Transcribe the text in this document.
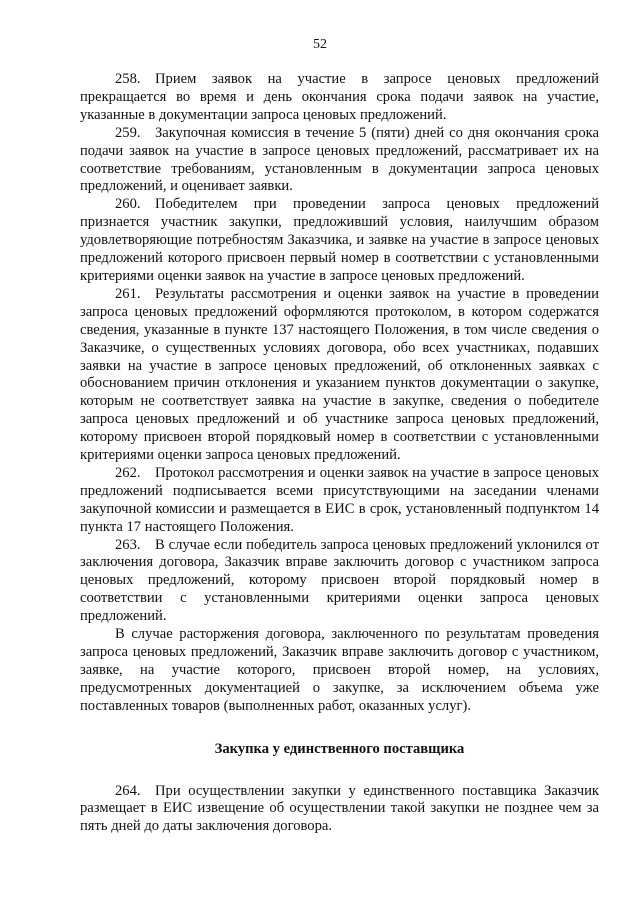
52

258. Прием заявок на участие в запросе ценовых предложений прекращается во время и день окончания срока подачи заявок на участие, указанные в документации запроса ценовых предложений.

259. Закупочная комиссия в течение 5 (пяти) дней со дня окончания срока подачи заявок на участие в запросе ценовых предложений, рассматривает их на соответствие требованиям, установленным в документации запроса ценовых предложений, и оценивает заявки.

260. Победителем при проведении запроса ценовых предложений признается участник закупки, предложивший условия, наилучшим образом удовлетворяющие потребностям Заказчика, и заявке на участие в запросе ценовых предложений которого присвоен первый номер в соответствии с установленными критериями оценки заявок на участие в запросе ценовых предложений.

261. Результаты рассмотрения и оценки заявок на участие в проведении запроса ценовых предложений оформляются протоколом, в котором содержатся сведения, указанные в пункте 137 настоящего Положения, в том числе сведения о Заказчике, о существенных условиях договора, обо всех участниках, подавших заявки на участие в запросе ценовых предложений, об отклоненных заявках с обоснованием причин отклонения и указанием пунктов документации о закупке, которым не соответствует заявка на участие в закупке, сведения о победителе запроса ценовых предложений и об участнике запроса ценовых предложений, которому присвоен второй порядковый номер в соответствии с установленными критериями оценки запроса ценовых предложений.

262. Протокол рассмотрения и оценки заявок на участие в запросе ценовых предложений подписывается всеми присутствующими на заседании членами закупочной комиссии и размещается в ЕИС в срок, установленный подпунктом 14 пункта 17 настоящего Положения.

263. В случае если победитель запроса ценовых предложений уклонился от заключения договора, Заказчик вправе заключить договор с участником запроса ценовых предложений, которому присвоен второй порядковый номер в соответствии с установленными критериями оценки запроса ценовых предложений.

В случае расторжения договора, заключенного по результатам проведения запроса ценовых предложений, Заказчик вправе заключить договор с участником, заявке, на участие которого, присвоен второй номер, на условиях, предусмотренных документацией о закупке, за исключением объема уже поставленных товаров (выполненных работ, оказанных услуг).

Закупка у единственного поставщика

264. При осуществлении закупки у единственного поставщика Заказчик размещает в ЕИС извещение об осуществлении такой закупки не позднее чем за пять дней до даты заключения договора.
